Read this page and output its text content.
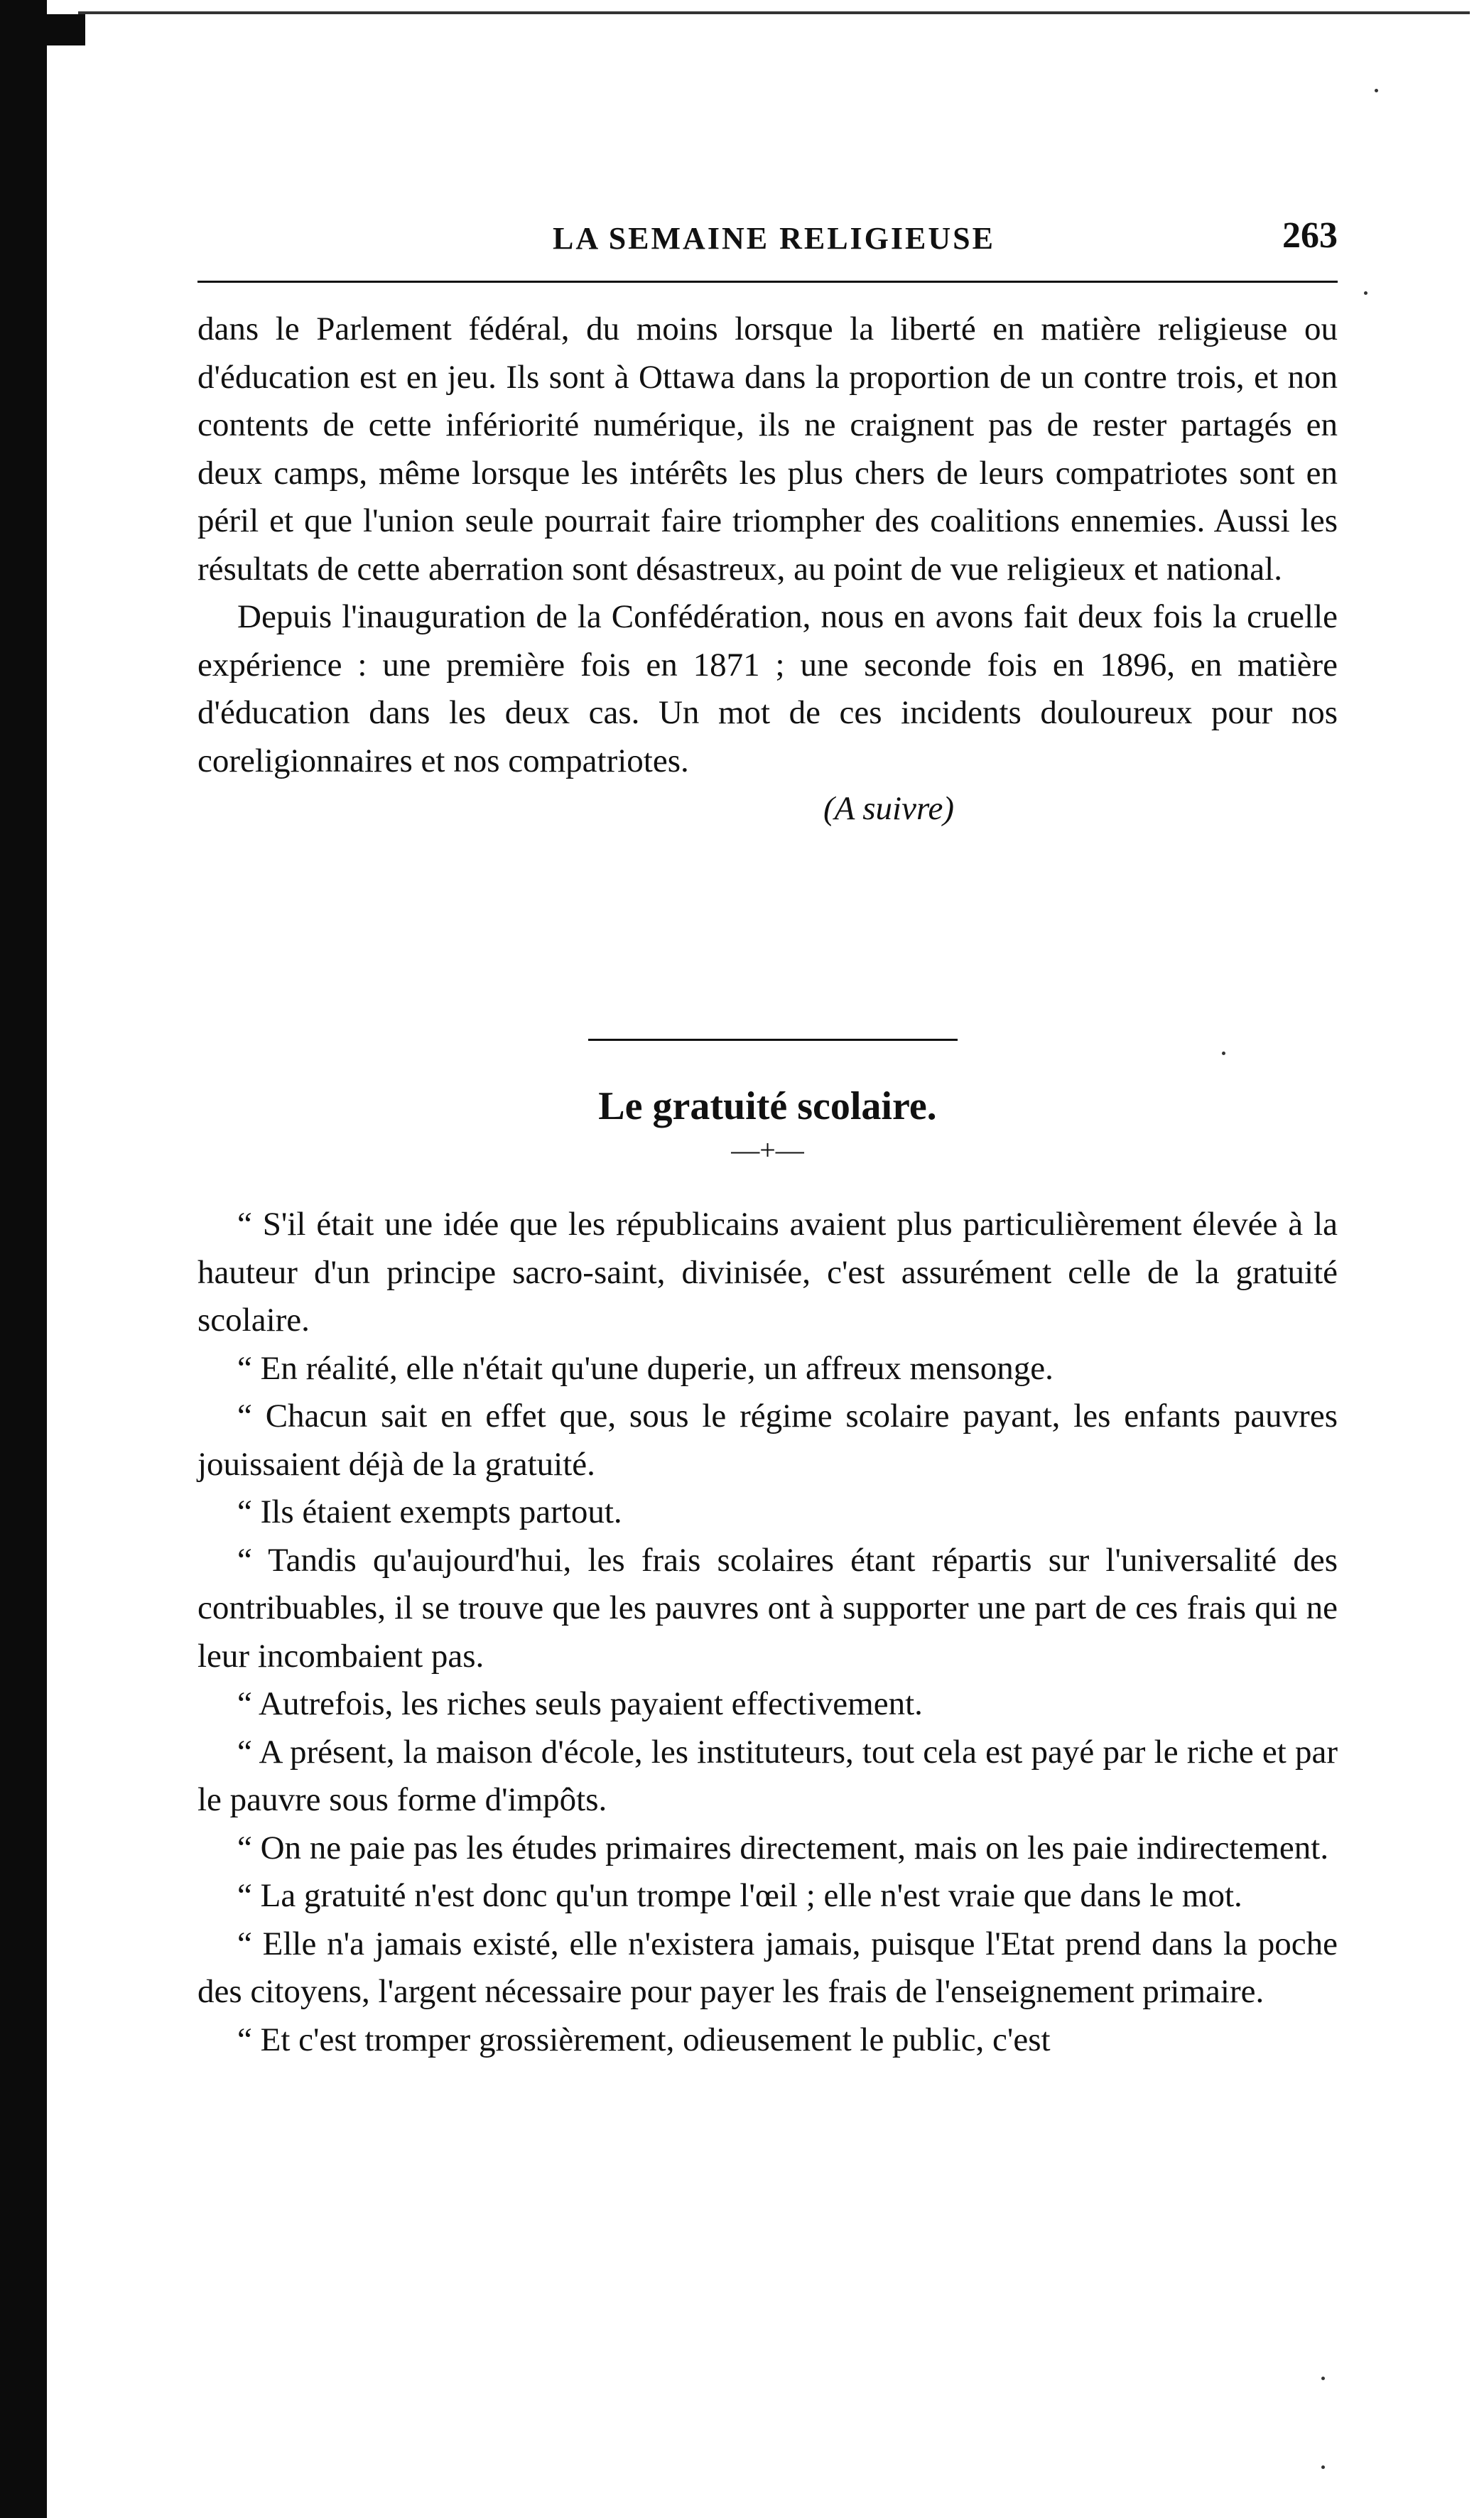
LA SEMAINE RELIGIEUSE	263

dans le Parlement fédéral, du moins lorsque la liberté en matière religieuse ou d'éducation est en jeu. Ils sont à Ottawa dans la proportion de un contre trois, et non contents de cette infériorité numérique, ils ne craignent pas de rester partagés en deux camps, même lorsque les intérêts les plus chers de leurs compatriotes sont en péril et que l'union seule pourrait faire triompher des coalitions ennemies. Aussi les résultats de cette aberration sont désastreux, au point de vue religieux et national.

Depuis l'inauguration de la Confédération, nous en avons fait deux fois la cruelle expérience : une première fois en 1871 ; une seconde fois en 1896, en matière d'éducation dans les deux cas. Un mot de ces incidents douloureux pour nos coreligionnaires et nos compatriotes.

(A suivre)

Le gratuité scolaire.
—+—

“ S'il était une idée que les républicains avaient plus particulièrement élevée à la hauteur d'un principe sacro-saint, divinisée, c'est assurément celle de la gratuité scolaire.

“ En réalité, elle n'était qu'une duperie, un affreux mensonge.

“ Chacun sait en effet que, sous le régime scolaire payant, les enfants pauvres jouissaient déjà de la gratuité.

“ Ils étaient exempts partout.

“ Tandis qu'aujourd'hui, les frais scolaires étant répartis sur l'universalité des contribuables, il se trouve que les pauvres ont à supporter une part de ces frais qui ne leur incombaient pas.

“ Autrefois, les riches seuls payaient effectivement.

“ A présent, la maison d'école, les instituteurs, tout cela est payé par le riche et par le pauvre sous forme d'impôts.

“ On ne paie pas les études primaires directement, mais on les paie indirectement.

“ La gratuité n'est donc qu'un trompe l'œil ; elle n'est vraie que dans le mot.

“ Elle n'a jamais existé, elle n'existera jamais, puisque l'Etat prend dans la poche des citoyens, l'argent nécessaire pour payer les frais de l'enseignement primaire.

“ Et c'est tromper grossièrement, odieusement le public, c'est
